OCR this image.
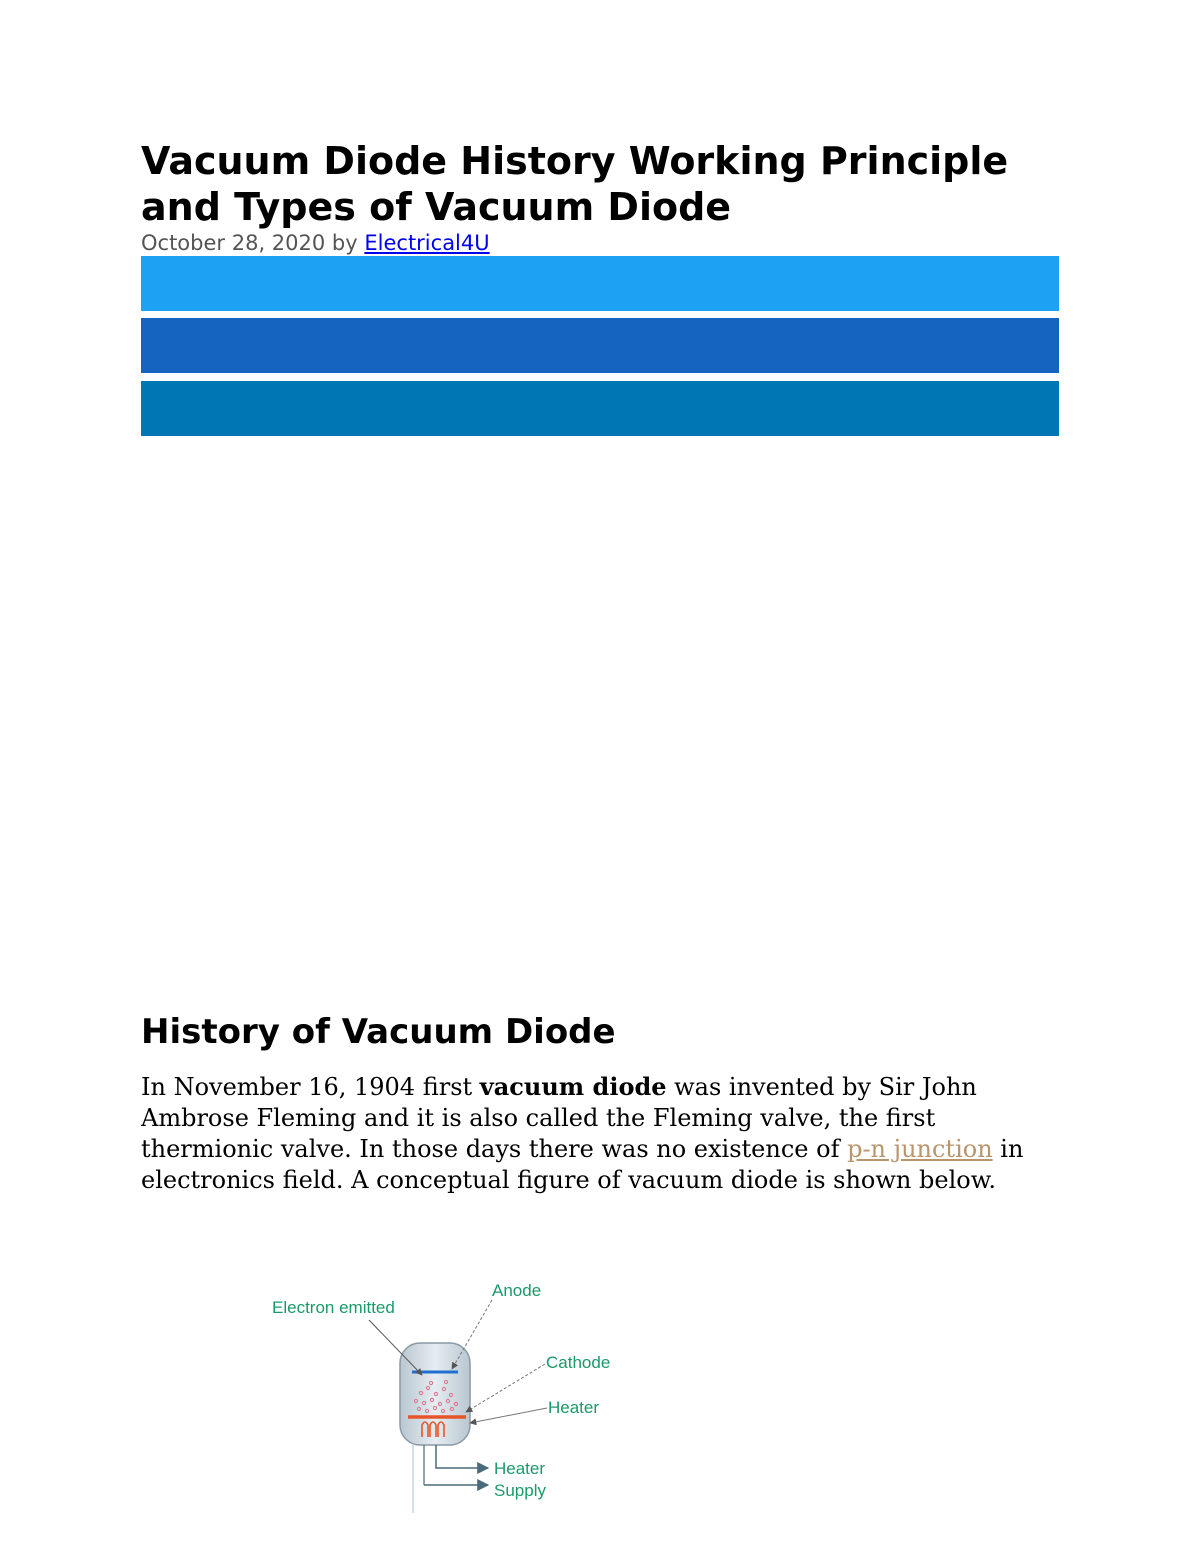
Vacuum Diode History Working Principle and Types of Vacuum Diode
October 28, 2020 by Electrical4U
History of Vacuum Diode

In November 16, 1904 first vacuum diode was invented by Sir John Ambrose Fleming and it is also called the Fleming valve, the first thermionic valve. In those days there was no existence of p-n junction in electronics field. A conceptual figure of vacuum diode is shown below.

Electron emitted
Anode
Cathode
Heater
Heater
Supply
